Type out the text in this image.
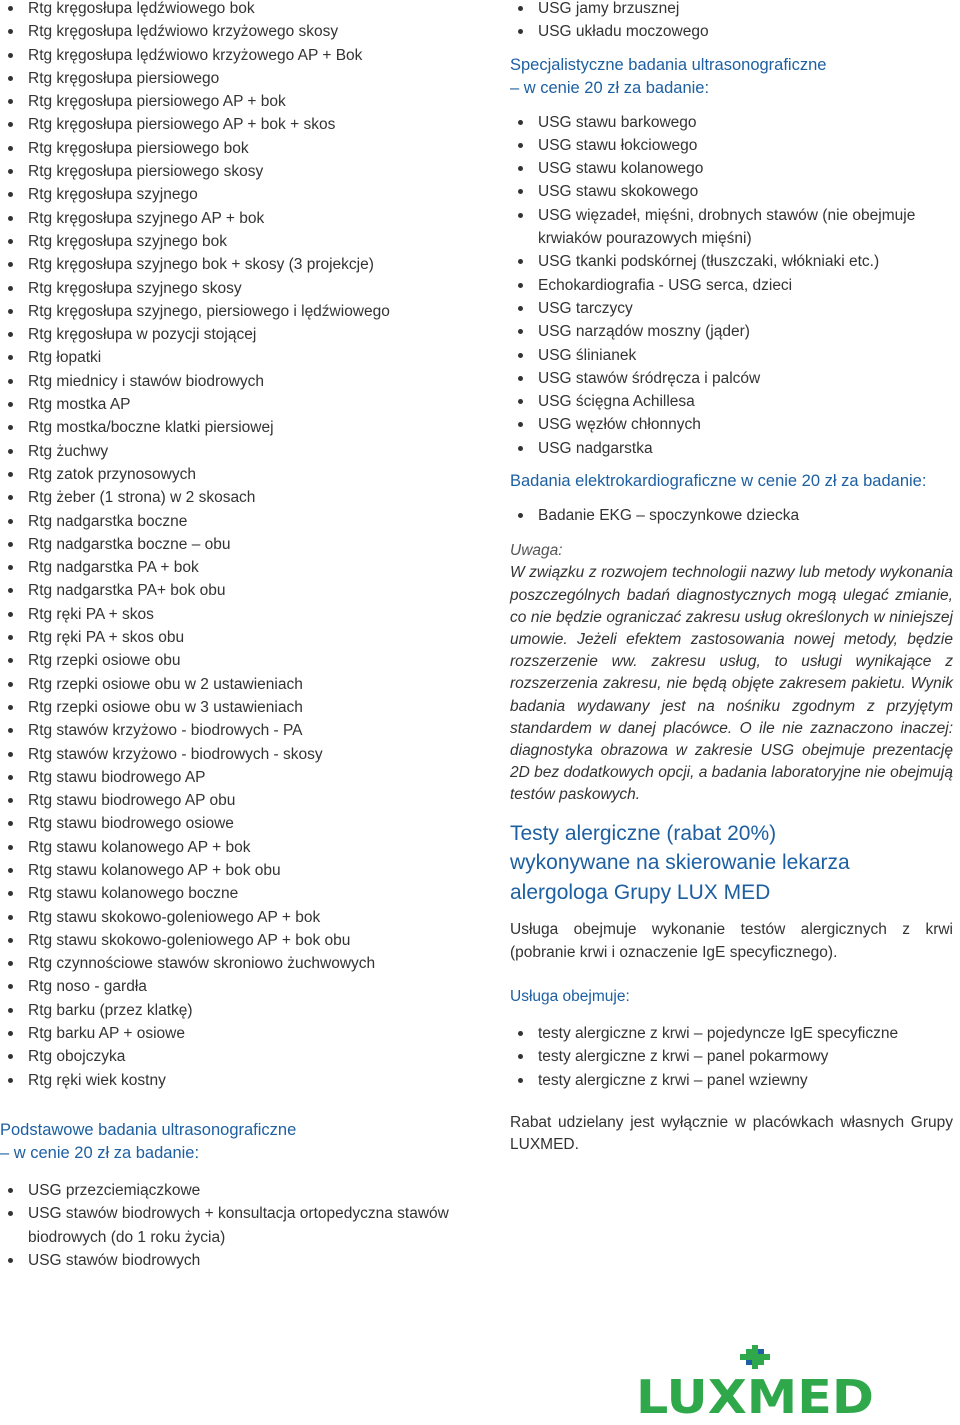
Rtg kręgosłupa lędźwiowego bok
Rtg kręgosłupa lędźwiowo krzyżowego skosy
Rtg kręgosłupa lędźwiowo krzyżowego AP + Bok
Rtg kręgosłupa piersiowego
Rtg kręgosłupa piersiowego AP + bok
Rtg kręgosłupa piersiowego AP + bok + skos
Rtg kręgosłupa piersiowego bok
Rtg kręgosłupa piersiowego skosy
Rtg kręgosłupa szyjnego
Rtg kręgosłupa szyjnego AP + bok
Rtg kręgosłupa szyjnego bok
Rtg kręgosłupa szyjnego bok + skosy (3 projekcje)
Rtg kręgosłupa szyjnego skosy
Rtg kręgosłupa szyjnego, piersiowego i lędźwiowego
Rtg kręgosłupa w pozycji stojącej
Rtg łopatki
Rtg miednicy i stawów biodrowych
Rtg mostka AP
Rtg mostka/boczne klatki piersiowej
Rtg żuchwy
Rtg zatok przynosowych
Rtg żeber (1 strona) w 2 skosach
Rtg nadgarstka boczne
Rtg nadgarstka boczne – obu
Rtg nadgarstka PA + bok
Rtg nadgarstka PA+ bok obu
Rtg ręki PA + skos
Rtg ręki PA + skos obu
Rtg rzepki osiowe obu
Rtg rzepki osiowe obu w 2 ustawieniach
Rtg rzepki osiowe obu w 3 ustawieniach
Rtg stawów krzyżowo - biodrowych - PA
Rtg stawów krzyżowo - biodrowych - skosy
Rtg stawu biodrowego AP
Rtg stawu biodrowego AP obu
Rtg stawu biodrowego osiowe
Rtg stawu kolanowego AP + bok
Rtg stawu kolanowego AP + bok obu
Rtg stawu kolanowego boczne
Rtg stawu skokowo-goleniowego AP + bok
Rtg stawu skokowo-goleniowego AP + bok obu
Rtg czynnościowe stawów skroniowo żuchwowych
Rtg noso - gardła
Rtg barku (przez klatkę)
Rtg barku AP + osiowe
Rtg obojczyka
Rtg ręki wiek kostny

Podstawowe badania ultrasonograficzne
– w cenie 20 zł za badanie:

USG przezciemiączkowe
USG stawów biodrowych + konsultacja ortopedyczna stawów biodrowych (do 1 roku życia)
USG stawów biodrowych
USG jamy brzusznej
USG układu moczowego

Specjalistyczne badania ultrasonograficzne
– w cenie 20 zł za badanie:

USG stawu barkowego
USG stawu łokciowego
USG stawu kolanowego
USG stawu skokowego
USG więzadeł, mięśni, drobnych stawów (nie obejmuje krwiaków pourazowych mięśni)
USG tkanki podskórnej (tłuszczaki, włókniaki etc.)
Echokardiografia - USG serca, dzieci
USG tarczycy
USG narządów moszny (jąder)
USG ślinianek
USG stawów śródręcza i palców
USG ścięgna Achillesa
USG węzłów chłonnych
USG nadgarstka

Badania elektrokardiograficzne w cenie 20 zł za badanie:

Badanie EKG – spoczynkowe dziecka
Uwaga:

W związku z rozwojem technologii nazwy lub metody wykonania poszczególnych badań diagnostycznych mogą ulegać zmianie, co nie będzie ograniczać zakresu usług określonych w niniejszej umowie. Jeżeli efektem zastosowania nowej metody, będzie rozszerzenie ww. zakresu usług, to usługi wynikające z rozszerzenia zakresu, nie będą objęte zakresem pakietu. Wynik badania wydawany jest na nośniku zgodnym z przyjętym standardem w danej placówce. O ile nie zaznaczono inaczej: diagnostyka obrazowa w zakresie USG obejmuje prezentację 2D bez dodatkowych opcji, a badania laboratoryjne nie obejmują testów paskowych.

Testy alergiczne (rabat 20%)
wykonywane na skierowanie lekarza
alergologa Grupy LUX MED

Usługa obejmuje wykonanie testów alergicznych z krwi (pobranie krwi i oznaczenie IgE specyficznego).

Usługa obejmuje:

testy alergiczne z krwi – pojedyncze IgE specyficzne
testy alergiczne z krwi – panel pokarmowy
testy alergiczne z krwi – panel wziewny

Rabat udzielany jest wyłącznie w placówkach własnych Grupy LUXMED.

LUXMED
